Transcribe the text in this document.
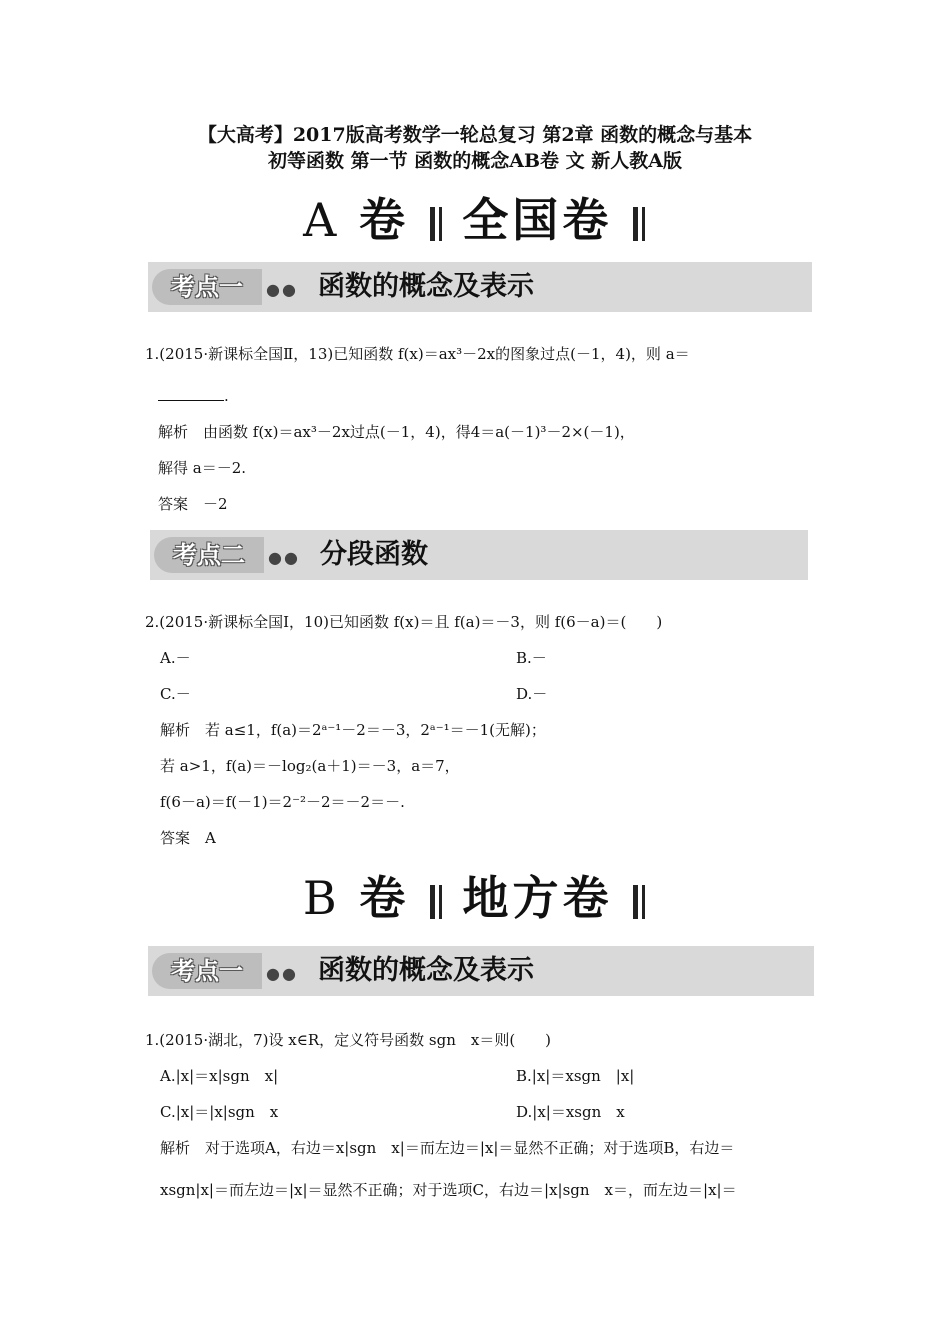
【大高考】2017版高考数学一轮总复习 第2章 函数的概念与基本
初等函数 第一节 函数的概念AB卷 文 新人教A版
A 卷 全国卷
考点一	●● 函数的概念及表示
1.(2015·新课标全国Ⅱ，13)已知函数 f(x)＝ax³－2x的图象过点(－1，4)，则 a＝
.
解析　由函数 f(x)＝ax³－2x过点(－1，4)，得4＝a(－1)³－2×(－1)，
解得 a＝－2.
答案　－2
考点二	●● 分段函数
2.(2015·新课标全国Ⅰ，10)已知函数 f(x)＝且 f(a)＝－3，则 f(6－a)＝(　　)
A.－	B.－
C.－	D.－
解析　若 a≤1，f(a)＝2ᵃ⁻¹－2＝－3，2ᵃ⁻¹＝－1(无解)；
若 a>1，f(a)＝－log₂(a＋1)＝－3，a＝7，
f(6－a)＝f(－1)＝2⁻²－2＝－2＝－.
答案　A
B 卷 地方卷
考点一	●● 函数的概念及表示
1.(2015·湖北，7)设 x∈R，定义符号函数 sgn　x＝则(　　)
A.|x|＝x|sgn　x|	B.|x|＝xsgn　|x|
C.|x|＝|x|sgn　x	D.|x|＝xsgn　x
解析　对于选项A，右边＝x|sgn　x|＝而左边＝|x|＝显然不正确；对于选项B，右边＝
xsgn|x|＝而左边＝|x|＝显然不正确；对于选项C，右边＝|x|sgn　x＝，而左边＝|x|＝
